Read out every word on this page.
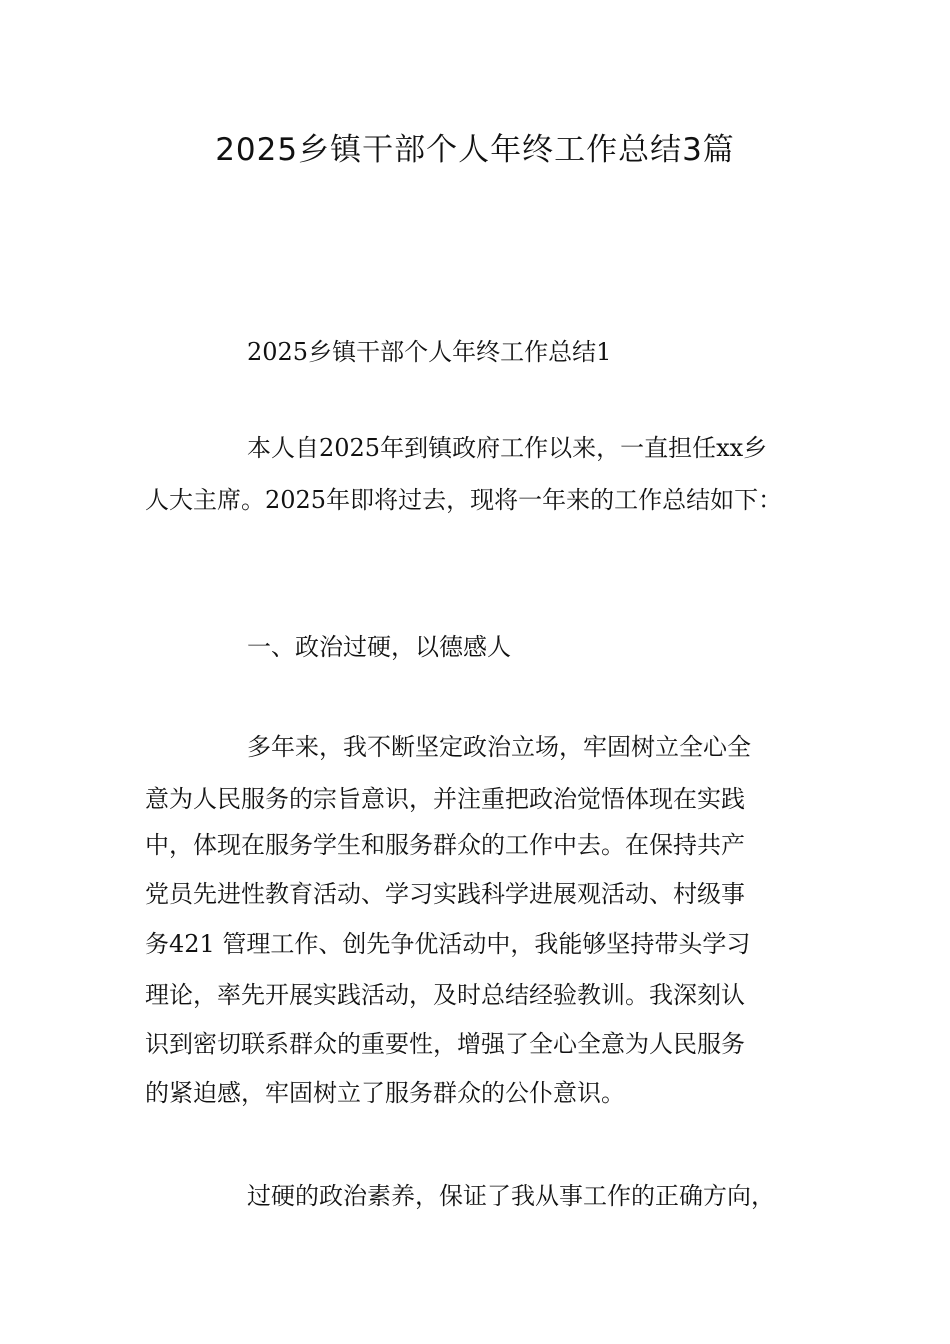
2025乡镇干部个人年终工作总结3篇

2025乡镇干部个人年终工作总结1

本人自2025年到镇政府工作以来，一直担任xx乡

人大主席。2025年即将过去，现将一年来的工作总结如下：

一、政治过硬，以德感人

多年来，我不断坚定政治立场，牢固树立全心全

意为人民服务的宗旨意识，并注重把政治觉悟体现在实践

中，体现在服务学生和服务群众的工作中去。在保持共产

党员先进性教育活动、学习实践科学进展观活动、村级事

务421 管理工作、创先争优活动中，我能够坚持带头学习

理论，率先开展实践活动，及时总结经验教训。我深刻认

识到密切联系群众的重要性，增强了全心全意为人民服务

的紧迫感，牢固树立了服务群众的公仆意识。

过硬的政治素养，保证了我从事工作的正确方向，
